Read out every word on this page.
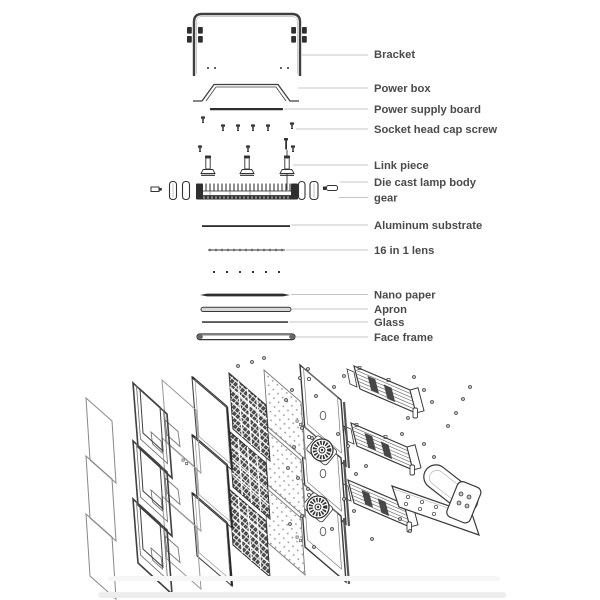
Bracket
Power box
Power supply board
Socket head cap screw
Link piece
Die cast lamp body
gear
Aluminum substrate
16 in 1 lens
Nano paper
Apron
Glass
Face frame
